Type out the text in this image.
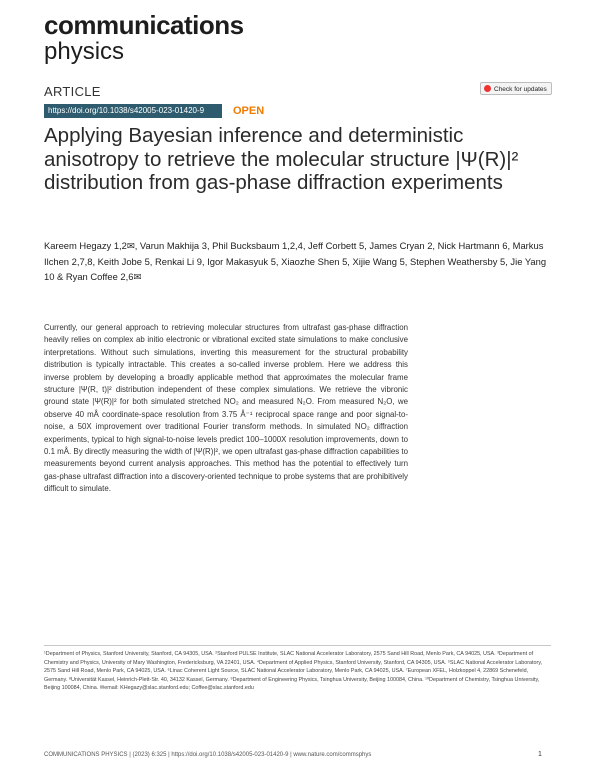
communications
physics
ARTICLE
https://doi.org/10.1038/s42005-023-01420-9	OPEN
Check for updates
Applying Bayesian inference and deterministic anisotropy to retrieve the molecular structure |Ψ(R)|² distribution from gas-phase diffraction experiments
Kareem Hegazy 1,2✉, Varun Makhija 3, Phil Bucksbaum 1,2,4, Jeff Corbett 5, James Cryan 2, Nick Hartmann 6, Markus Ilchen 2,7,8, Keith Jobe 5, Renkai Li 9, Igor Makasyuk 5, Xiaozhe Shen 5, Xijie Wang 5, Stephen Weathersby 5, Jie Yang 10 & Ryan Coffee 2,6✉
Currently, our general approach to retrieving molecular structures from ultrafast gas-phase diffraction heavily relies on complex ab initio electronic or vibrational excited state simulations to make conclusive interpretations. Without such simulations, inverting this measurement for the structural probability distribution is typically intractable. This creates a so-called inverse problem. Here we address this inverse problem by developing a broadly applicable method that approximates the molecular frame structure |Ψ(R, t)|² distribution independent of these complex simulations. We retrieve the vibronic ground state |Ψ(R)|² for both simulated stretched NO₂ and measured N₂O. From measured N₂O, we observe 40 mÅ coordinate-space resolution from 3.75 Å⁻¹ reciprocal space range and poor signal-to-noise, a 50X improvement over traditional Fourier transform methods. In simulated NO₂ diffraction experiments, typical to high signal-to-noise levels predict 100–1000X resolution improvements, down to 0.1 mÅ. By directly measuring the width of |Ψ(R)|², we open ultrafast gas-phase diffraction capabilities to measurements beyond current analysis approaches. This method has the potential to effectively turn gas-phase ultrafast diffraction into a discovery-oriented technique to probe systems that are prohibitively difficult to simulate.
¹Department of Physics, Stanford University, Stanford, CA 94305, USA. ²Stanford PULSE Institute, SLAC National Accelerator Laboratory, 2575 Sand Hill Road, Menlo Park, CA 94025, USA. ³Department of Chemistry and Physics, University of Mary Washington, Fredericksburg, VA 22401, USA. ⁴Department of Applied Physics, Stanford University, Stanford, CA 94305, USA. ⁵SLAC National Accelerator Laboratory, 2575 Sand Hill Road, Menlo Park, CA 94025, USA. ⁶Linac Coherent Light Source, SLAC National Accelerator Laboratory, Menlo Park, CA 94025, USA. ⁷European XFEL, Holzkoppel 4, 22869 Schenefeld, Germany. ⁸Universität Kassel, Heinrich-Plett-Str. 40, 34132 Kassel, Germany. ⁹Department of Engineering Physics, Tsinghua University, Beijing 100084, China. ¹⁰Department of Chemistry, Tsinghua University, Beijing 100084, China. ✉email: KHegazy@slac.stanford.edu; Coffee@slac.stanford.edu
COMMUNICATIONS PHYSICS | (2023) 6:325 | https://doi.org/10.1038/s42005-023-01420-9 | www.nature.com/commsphys	1
